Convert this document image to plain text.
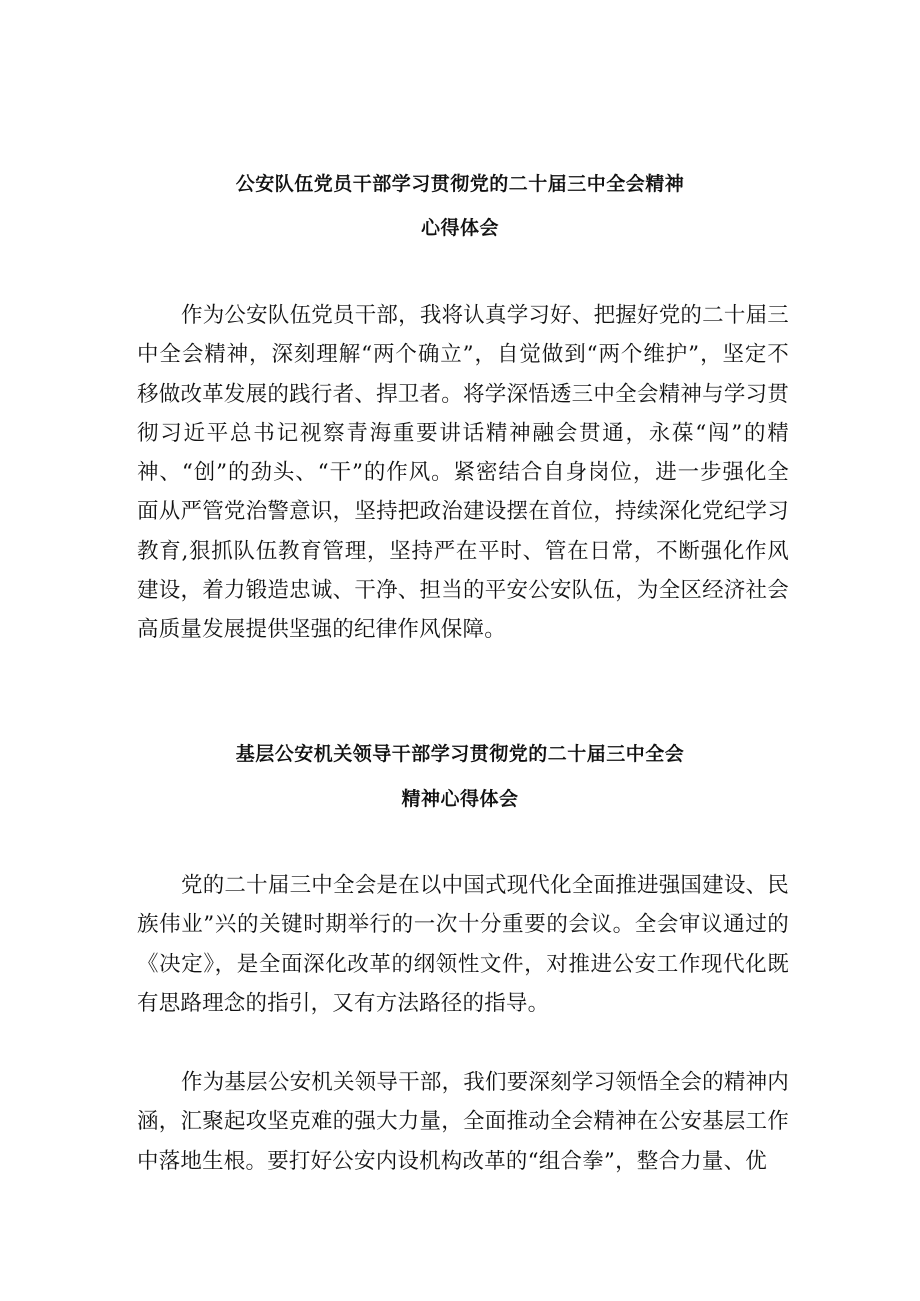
公安队伍党员干部学习贯彻党的二十届三中全会精神
心得体会

作为公安队伍党员干部，我将认真学习好、把握好党的二十届三中全会精神，深刻理解“两个确立”，自觉做到“两个维护”，坚定不移做改革发展的践行者、捍卫者。将学深悟透三中全会精神与学习贯彻习近平总书记视察青海重要讲话精神融会贯通，永葆“闯”的精神、“创”的劲头、“干”的作风。紧密结合自身岗位，进一步强化全面从严管党治警意识，坚持把政治建设摆在首位，持续深化党纪学习教育,狠抓队伍教育管理，坚持严在平时、管在日常，不断强化作风建设，着力锻造忠诚、干净、担当的平安公安队伍，为全区经济社会高质量发展提供坚强的纪律作风保障。

基层公安机关领导干部学习贯彻党的二十届三中全会
精神心得体会

党的二十届三中全会是在以中国式现代化全面推进强国建设、民族伟业”兴的关键时期举行的一次十分重要的会议。全会审议通过的《决定》，是全面深化改革的纲领性文件，对推进公安工作现代化既有思路理念的指引，又有方法路径的指导。

作为基层公安机关领导干部，我们要深刻学习领悟全会的精神内涵，汇聚起攻坚克难的强大力量，全面推动全会精神在公安基层工作中落地生根。要打好公安内设机构改革的“组合拳”，整合力量、优
